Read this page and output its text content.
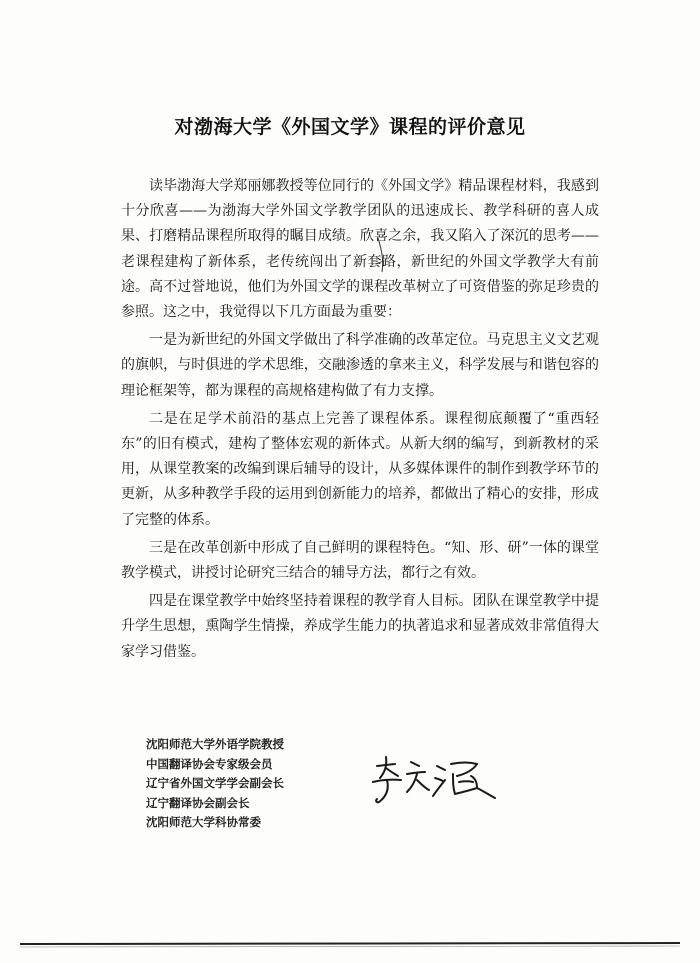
对渤海大学《外国文学》课程的评价意见

读毕渤海大学郑丽娜教授等位同行的《外国文学》精品课程材料，我感到十分欣喜——为渤海大学外国文学教学团队的迅速成长、教学科研的喜人成果、打磨精品课程所取得的瞩目成绩。欣喜之余，我又陷入了深沉的思考——老课程建构了新体系，老传统闯出了新套路，新世纪的外国文学教学大有前途。高不过誉地说，他们为外国文学的课程改革树立了可资借鉴的弥足珍贵的参照。这之中，我觉得以下几方面最为重要：

一是为新世纪的外国文学做出了科学准确的改革定位。马克思主义文艺观的旗帜，与时俱进的学术思维，交融渗透的拿来主义，科学发展与和谐包容的理论框架等，都为课程的高规格建构做了有力支撑。

二是在足学术前沿的基点上完善了课程体系。课程彻底颠覆了“重西轻东”的旧有模式，建构了整体宏观的新体式。从新大纲的编写，到新教材的采用，从课堂教案的改编到课后辅导的设计，从多媒体课件的制作到教学环节的更新，从多种教学手段的运用到创新能力的培养，都做出了精心的安排，形成了完整的体系。

三是在改革创新中形成了自己鲜明的课程特色。“知、形、研”一体的课堂教学模式，讲授讨论研究三结合的辅导方法，都行之有效。

四是在课堂教学中始终坚持着课程的教学育人目标。团队在课堂教学中提升学生思想，熏陶学生情操，养成学生能力的执著追求和显著成效非常值得大家学习借鉴。

沈阳师范大学外语学院教授
中国翻译协会专家级会员
辽宁省外国文学学会副会长
辽宁翻译协会副会长
沈阳师范大学科协常委
